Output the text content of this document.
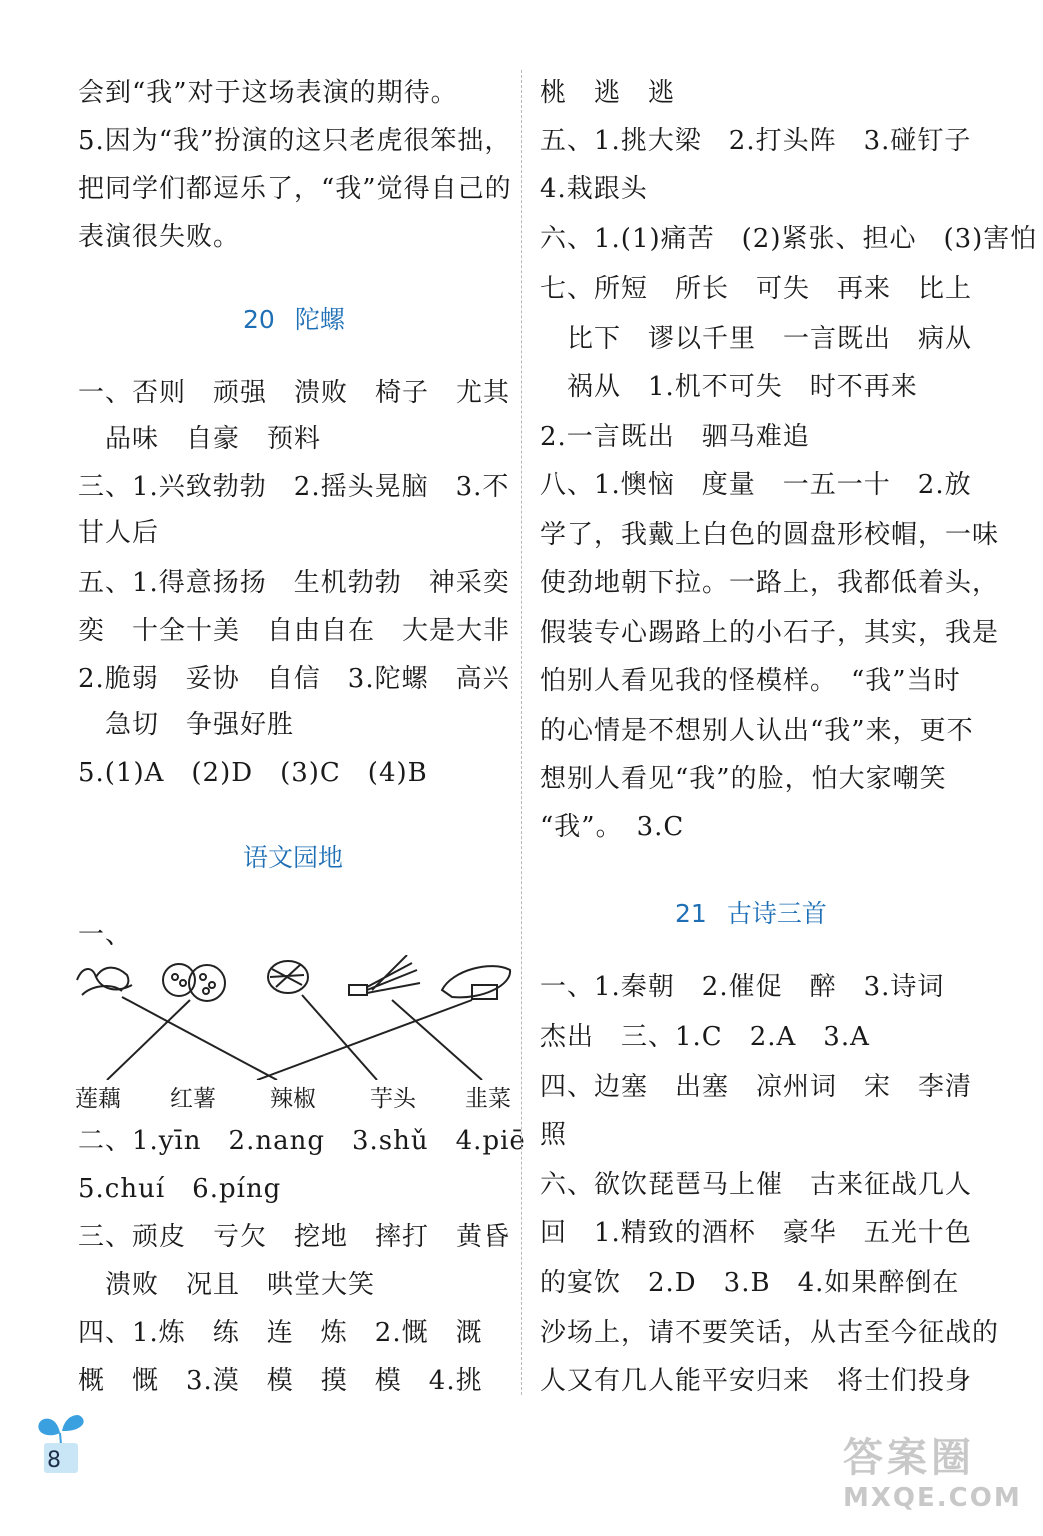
会到“我”对于这场表演的期待。
5.因为“我”扮演的这只老虎很笨拙，
把同学们都逗乐了，“我”觉得自己的
表演很失败。
20 陀螺
一、否则　顽强　溃败　椅子　尤其
　品味　自豪　预料
三、1.兴致勃勃　2.摇头晃脑　3.不
甘人后
五、1.得意扬扬　生机勃勃　神采奕
奕　十全十美　自由自在　大是大非
2.脆弱　妥协　自信　3.陀螺　高兴
　急切　争强好胜
5.(1)A　(2)D　(3)C　(4)B
语文园地
一、
莲藕 红薯 辣椒 芋头 韭菜
二、1.yīn　2.nang　3.shǔ　4.piē
5.chuí　6.píng
三、顽皮　亏欠　挖地　摔打　黄昏
　溃败　况且　哄堂大笑
四、1.炼　练　连　炼　2.慨　溉
概　慨　3.漠　模　摸　模　4.挑
桃　逃　逃
五、1.挑大梁　2.打头阵　3.碰钉子
4.栽跟头
六、1.(1)痛苦　(2)紧张、担心　(3)害怕
七、所短　所长　可失　再来　比上
　比下　谬以千里　一言既出　病从
　祸从　1.机不可失　时不再来
2.一言既出　驷马难追
八、1.懊恼　度量　一五一十　2.放
学了，我戴上白色的圆盘形校帽，一味
使劲地朝下拉。一路上，我都低着头，
假装专心踢路上的小石子，其实，我是
怕别人看见我的怪模样。　“我”当时
的心情是不想别人认出“我”来，更不
想别人看见“我”的脸，怕大家嘲笑
“我”。　3.C
21 古诗三首
一、1.秦朝　2.催促　醉　3.诗词
杰出　三、1.C　2.A　3.A
四、边塞　出塞　凉州词　宋　李清
照
六、欲饮琵琶马上催　古来征战几人
回　1.精致的酒杯　豪华　五光十色
的宴饮　2.D　3.B　4.如果醉倒在
沙场上，请不要笑话，从古至今征战的
人又有几人能平安归来　将士们投身
8	答案圈
MXQE.COM
